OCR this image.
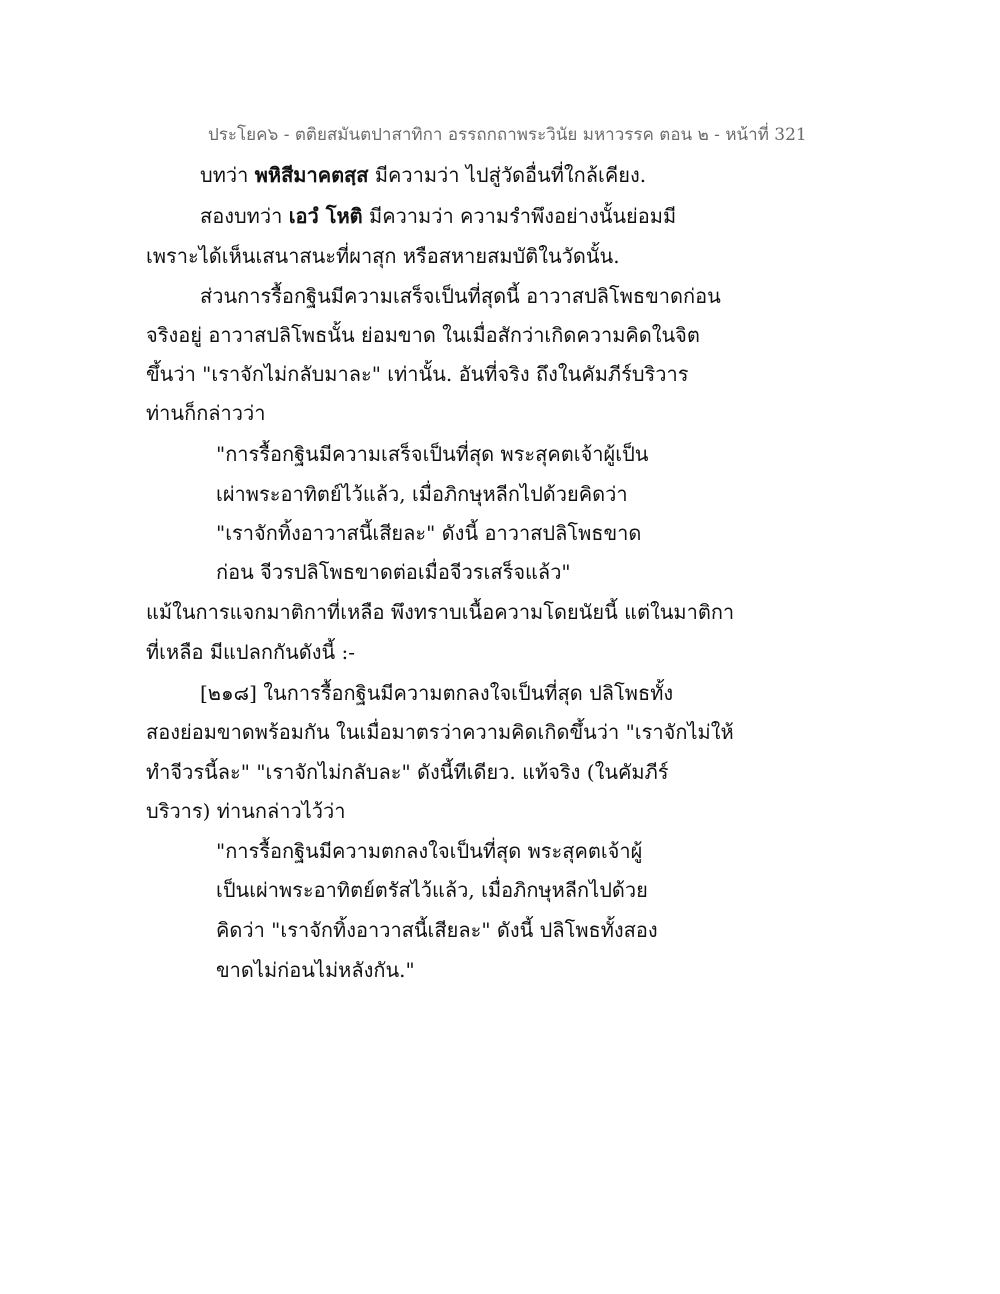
ประโยค๖ - ตติยสมันตปาสาทิกา อรรถกถาพระวินัย มหาวรรค ตอน ๒ - หน้าที่ 321
บทว่า พหิสีมาคตสฺส มีความว่า ไปสู่วัดอื่นที่ใกล้เคียง.
สองบทว่า เอวํ โหติ มีความว่า ความรำพึงอย่างนั้นย่อมมี
เพราะได้เห็นเสนาสนะที่ผาสุก หรือสหายสมบัติในวัดนั้น.
ส่วนการรื้อกฐินมีความเสร็จเป็นที่สุดนี้ อาวาสปลิโพธขาดก่อน
จริงอยู่ อาวาสปลิโพธนั้น ย่อมขาด ในเมื่อสักว่าเกิดความคิดในจิต
ขึ้นว่า "เราจักไม่กลับมาละ" เท่านั้น. อันที่จริง ถึงในคัมภีร์บริวาร
ท่านก็กล่าวว่า
"การรื้อกฐินมีความเสร็จเป็นที่สุด พระสุคตเจ้าผู้เป็น
เผ่าพระอาทิตย์ไว้แล้ว, เมื่อภิกษุหลีกไปด้วยคิดว่า
"เราจักทิ้งอาวาสนี้เสียละ" ดังนี้ อาวาสปลิโพธขาด
ก่อน จีวรปลิโพธขาดต่อเมื่อจีวรเสร็จแล้ว"
แม้ในการแจกมาติกาที่เหลือ พึงทราบเนื้อความโดยนัยนี้ แต่ในมาติกา
ที่เหลือ มีแปลกกันดังนี้ :-
[๒๑๘] ในการรื้อกฐินมีความตกลงใจเป็นที่สุด ปลิโพธทั้ง
สองย่อมขาดพร้อมกัน ในเมื่อมาตรว่าความคิดเกิดขึ้นว่า "เราจักไม่ให้
ทำจีวรนี้ละ" "เราจักไม่กลับละ" ดังนี้ทีเดียว. แท้จริง (ในคัมภีร์
บริวาร) ท่านกล่าวไว้ว่า
"การรื้อกฐินมีความตกลงใจเป็นที่สุด พระสุคตเจ้าผู้
เป็นเผ่าพระอาทิตย์ตรัสไว้แล้ว, เมื่อภิกษุหลีกไปด้วย
คิดว่า "เราจักทิ้งอาวาสนี้เสียละ" ดังนี้ ปลิโพธทั้งสอง
ขาดไม่ก่อนไม่หลังกัน."
